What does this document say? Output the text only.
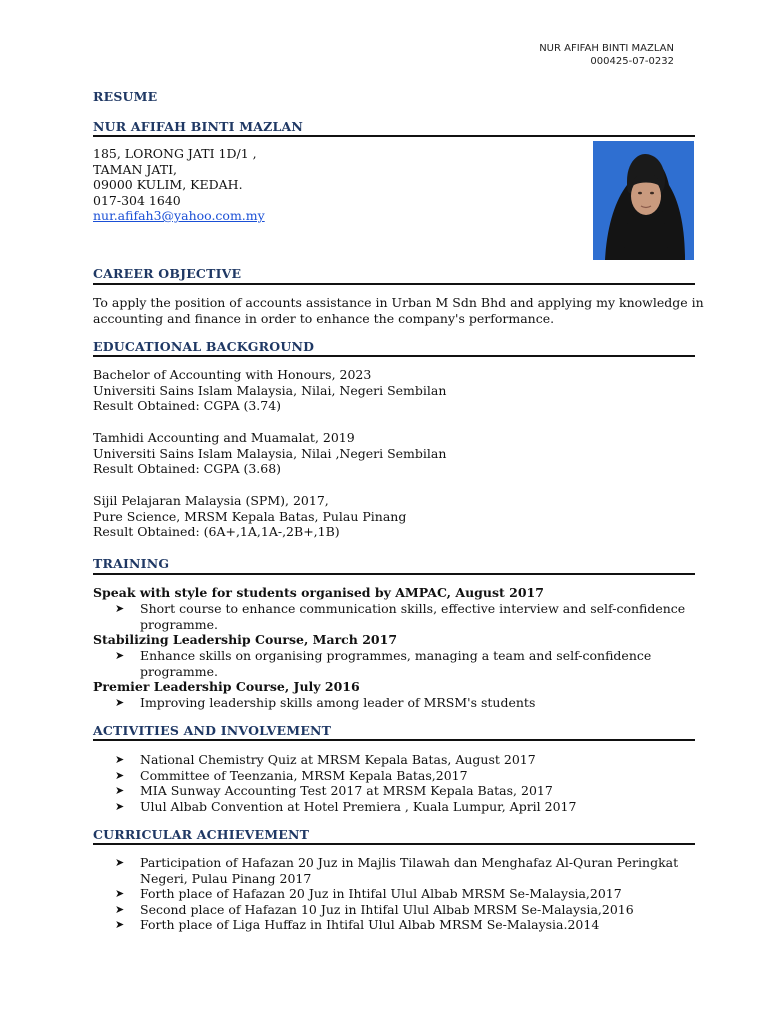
NUR AFIFAH BINTI MAZLAN
000425-07-0232
RESUME
NUR AFIFAH BINTI MAZLAN
185, LORONG JATI 1D/1 ,
TAMAN JATI,
09000 KULIM, KEDAH.
017-304 1640
nur.afifah3@yahoo.com.my
CAREER OBJECTIVE
To apply the position of accounts assistance in Urban M Sdn Bhd and applying my knowledge in
accounting and finance in order to enhance the company's performance.
EDUCATIONAL BACKGROUND
Bachelor of Accounting with Honours, 2023
Universiti Sains Islam Malaysia, Nilai, Negeri Sembilan
Result Obtained: CGPA (3.74)
Tamhidi Accounting and Muamalat, 2019
Universiti Sains Islam Malaysia, Nilai ,Negeri Sembilan
Result Obtained: CGPA (3.68)
Sijil Pelajaran Malaysia (SPM), 2017,
Pure Science, MRSM Kepala Batas, Pulau Pinang
Result Obtained: (6A+,1A,1A-,2B+,1B)
TRAINING
Speak with style for students organised by AMPAC, August 2017
➤ Short course to enhance communication skills, effective interview and self-confidence
programme.
Stabilizing Leadership Course, March 2017
➤ Enhance skills on organising programmes, managing a team and self-confidence
programme.
Premier Leadership Course, July 2016
➤ Improving leadership skills among leader of MRSM's students
ACTIVITIES AND INVOLVEMENT
➤ National Chemistry Quiz at MRSM Kepala Batas, August 2017
➤ Committee of Teenzania, MRSM Kepala Batas,2017
➤ MIA Sunway Accounting Test 2017 at MRSM Kepala Batas, 2017
➤ Ulul Albab Convention at Hotel Premiera , Kuala Lumpur, April 2017
CURRICULAR ACHIEVEMENT
➤ Participation of Hafazan 20 Juz in Majlis Tilawah dan Menghafaz Al-Quran Peringkat
Negeri, Pulau Pinang 2017
➤ Forth place of Hafazan 20 Juz in Ihtifal Ulul Albab MRSM Se-Malaysia,2017
➤ Second place of Hafazan 10 Juz in Ihtifal Ulul Albab MRSM Se-Malaysia,2016
➤ Forth place of Liga Huffaz in Ihtifal Ulul Albab MRSM Se-Malaysia.2014
